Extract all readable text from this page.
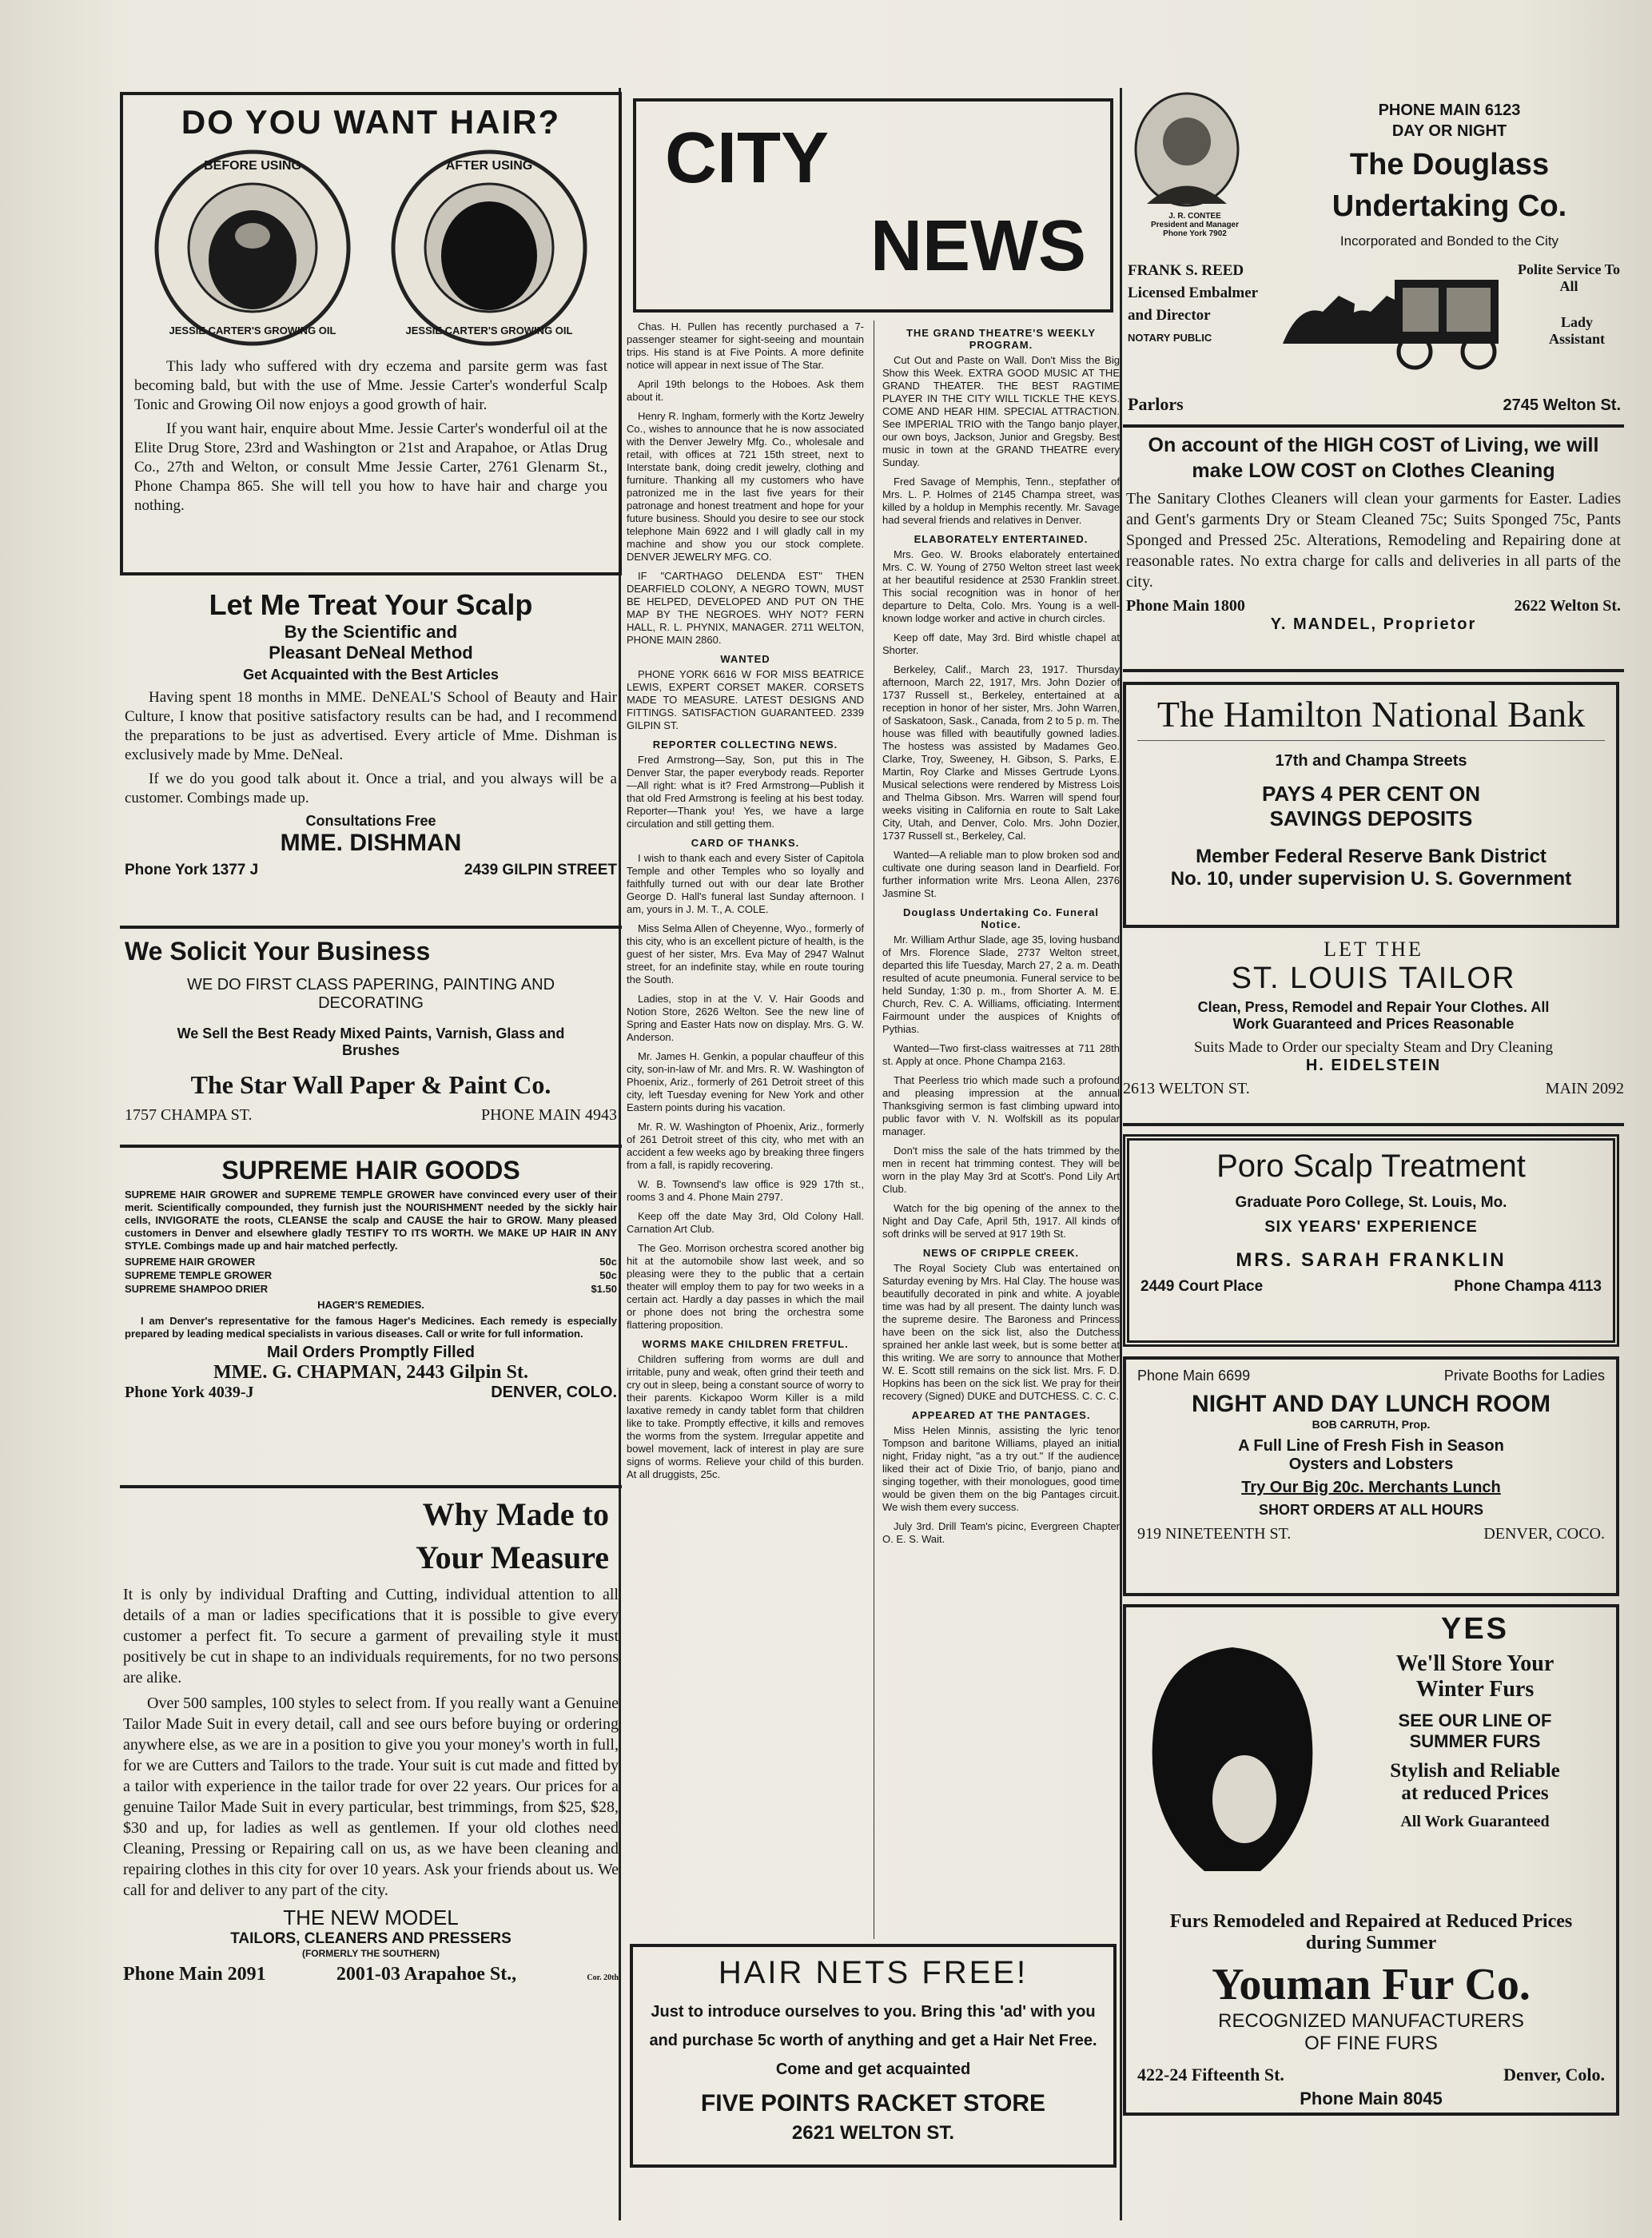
DO YOU WANT HAIR?
BEFORE USING
JESSIE CARTER'S GROWING OIL
AFTER USING
JESSIE CARTER'S GROWING OIL

This lady who suffered with dry eczema and parsite germ was fast becoming bald, but with the use of Mme. Jessie Carter's wonderful Scalp Tonic and Growing Oil now enjoys a good growth of hair.

If you want hair, enquire about Mme. Jessie Carter's wonderful oil at the Elite Drug Store, 23rd and Washington or 21st and Arapahoe, or Atlas Drug Co., 27th and Welton, or consult Mme Jessie Carter, 2761 Glenarm St., Phone Champa 865. She will tell you how to have hair and charge you nothing.

Let Me Treat Your Scalp
By the Scientific and
Pleasant DeNeal Method
Get Acquainted with the Best Articles

Having spent 18 months in MME. DeNEAL'S School of Beauty and Hair Culture, I know that positive satisfactory results can be had, and I recommend the preparations to be just as advertised. Every article of Mme. Dishman is exclusively made by Mme. DeNeal.

If we do you good talk about it. Once a trial, and you always will be a customer. Combings made up.

Consultations Free
MME. DISHMAN
Phone York 1377 J	2439 GILPIN STREET
We Solicit Your Business
WE DO FIRST CLASS PAPERING, PAINTING AND DECORATING
We Sell the Best Ready Mixed Paints, Varnish, Glass and Brushes
The Star Wall Paper & Paint Co.
1757 CHAMPA ST.	PHONE MAIN 4943
SUPREME HAIR GOODS

SUPREME HAIR GROWER and SUPREME TEMPLE GROWER have convinced every user of their merit. Scientifically compounded, they furnish just the NOURISHMENT needed by the sickly hair cells, INVIGORATE the roots, CLEANSE the scalp and CAUSE the hair to GROW. Many pleased customers in Denver and elsewhere gladly TESTIFY TO ITS WORTH. We MAKE UP HAIR IN ANY STYLE. Combings made up and hair matched perfectly.

SUPREME HAIR GROWER	50c
SUPREME TEMPLE GROWER	50c
SUPREME SHAMPOO DRIER	$1.50
HAGER'S REMEDIES.

I am Denver's representative for the famous Hager's Medicines. Each remedy is especially prepared by leading medical specialists in various diseases. Call or write for full information.

Mail Orders Promptly Filled
MME. G. CHAPMAN, 2443 Gilpin St.
Phone York 4039-J	DENVER, COLO.
Why Made to
Your Measure

It is only by individual Drafting and Cutting, individual attention to all details of a man or ladies specifications that it is possible to give every customer a perfect fit. To secure a garment of prevailing style it must positively be cut in shape to an individuals requirements, for no two persons are alike.

Over 500 samples, 100 styles to select from. If you really want a Genuine Tailor Made Suit in every detail, call and see ours before buying or ordering anywhere else, as we are in a position to give you your money's worth in full, for we are Cutters and Tailors to the trade. Your suit is cut made and fitted by a tailor with experience in the tailor trade for over 22 years. Our prices for a genuine Tailor Made Suit in every particular, best trimmings, from $25, $28, $30 and up, for ladies as well as gentlemen. If your old clothes need Cleaning, Pressing or Repairing call on us, as we have been cleaning and repairing clothes in this city for over 10 years. Ask your friends about us. We call for and deliver to any part of the city.

THE NEW MODEL
TAILORS, CLEANERS AND PRESSERS
(FORMERLY THE SOUTHERN)
Phone Main 2091	2001-03 Arapahoe St.,	Cor. 20th
CITY
NEWS

Chas. H. Pullen has recently purchased a 7-passenger steamer for sight-seeing and mountain trips. His stand is at Five Points. A more definite notice will appear in next issue of The Star.

April 19th belongs to the Hoboes. Ask them about it.

Henry R. Ingham, formerly with the Kortz Jewelry Co., wishes to announce that he is now associated with the Denver Jewelry Mfg. Co., wholesale and retail, with offices at 721 15th street, next to Interstate bank, doing credit jewelry, clothing and furniture. Thanking all my customers who have patronized me in the last five years for their patronage and honest treatment and hope for your future business. Should you desire to see our stock telephone Main 6922 and I will gladly call in my machine and show you our stock complete. DENVER JEWELRY MFG. CO.

IF "CARTHAGO DELENDA EST" THEN DEARFIELD COLONY, A NEGRO TOWN, MUST BE HELPED, DEVELOPED AND PUT ON THE MAP BY THE NEGROES. WHY NOT? FERN HALL, R. L. PHYNIX, MANAGER. 2711 WELTON, PHONE MAIN 2860.

WANTED

PHONE YORK 6616 W FOR MISS BEATRICE LEWIS, EXPERT CORSET MAKER. CORSETS MADE TO MEASURE. LATEST DESIGNS AND FITTINGS. SATISFACTION GUARANTEED. 2339 GILPIN ST.

REPORTER COLLECTING NEWS.

Fred Armstrong—Say, Son, put this in The Denver Star, the paper everybody reads. Reporter—All right: what is it? Fred Armstrong—Publish it that old Fred Armstrong is feeling at his best today. Reporter—Thank you! Yes, we have a large circulation and still getting them.

CARD OF THANKS.

I wish to thank each and every Sister of Capitola Temple and other Temples who so loyally and faithfully turned out with our dear late Brother George D. Hall's funeral last Sunday afternoon. I am, yours in J. M. T., A. COLE.

Miss Selma Allen of Cheyenne, Wyo., formerly of this city, who is an excellent picture of health, is the guest of her sister, Mrs. Eva May of 2947 Walnut street, for an indefinite stay, while en route touring the South.

Ladies, stop in at the V. V. Hair Goods and Notion Store, 2626 Welton. See the new line of Spring and Easter Hats now on display. Mrs. G. W. Anderson.

Mr. James H. Genkin, a popular chauffeur of this city, son-in-law of Mr. and Mrs. R. W. Washington of Phoenix, Ariz., formerly of 261 Detroit street of this city, left Tuesday evening for New York and other Eastern points during his vacation.

Mr. R. W. Washington of Phoenix, Ariz., formerly of 261 Detroit street of this city, who met with an accident a few weeks ago by breaking three fingers from a fall, is rapidly recovering.

W. B. Townsend's law office is 929 17th st., rooms 3 and 4. Phone Main 2797.

Keep off the date May 3rd, Old Colony Hall. Carnation Art Club.

The Geo. Morrison orchestra scored another big hit at the automobile show last week, and so pleasing were they to the public that a certain theater will employ them to pay for two weeks in a certain act. Hardly a day passes in which the mail or phone does not bring the orchestra some flattering proposition.

WORMS MAKE CHILDREN FRETFUL.

Children suffering from worms are dull and irritable, puny and weak, often grind their teeth and cry out in sleep, being a constant source of worry to their parents. Kickapoo Worm Killer is a mild laxative remedy in candy tablet form that children like to take. Promptly effective, it kills and removes the worms from the system. Irregular appetite and bowel movement, lack of interest in play are sure signs of worms. Relieve your child of this burden. At all druggists, 25c.

THE GRAND THEATRE'S WEEKLY PROGRAM.

Cut Out and Paste on Wall. Don't Miss the Big Show this Week. EXTRA GOOD MUSIC AT THE GRAND THEATER. THE BEST RAGTIME PLAYER IN THE CITY WILL TICKLE THE KEYS. COME AND HEAR HIM. SPECIAL ATTRACTION. See IMPERIAL TRIO with the Tango banjo player, our own boys, Jackson, Junior and Gregsby. Best music in town at the GRAND THEATRE every Sunday.

Fred Savage of Memphis, Tenn., stepfather of Mrs. L. P. Holmes of 2145 Champa street, was killed by a holdup in Memphis recently. Mr. Savage had several friends and relatives in Denver.

ELABORATELY ENTERTAINED.

Mrs. Geo. W. Brooks elaborately entertained Mrs. C. W. Young of 2750 Welton street last week at her beautiful residence at 2530 Franklin street. This social recognition was in honor of her departure to Delta, Colo. Mrs. Young is a well-known lodge worker and active in church circles.

Keep off date, May 3rd. Bird whistle chapel at Shorter.

Berkeley, Calif., March 23, 1917. Thursday afternoon, March 22, 1917, Mrs. John Dozier of 1737 Russell st., Berkeley, entertained at a reception in honor of her sister, Mrs. John Warren, of Saskatoon, Sask., Canada, from 2 to 5 p. m. The house was filled with beautifully gowned ladies. The hostess was assisted by Madames Geo. Clarke, Troy, Sweeney, H. Gibson, S. Parks, E. Martin, Roy Clarke and Misses Gertrude Lyons. Musical selections were rendered by Mistress Lois and Thelma Gibson. Mrs. Warren will spend four weeks visiting in California en route to Salt Lake City, Utah, and Denver, Colo. Mrs. John Dozier, 1737 Russell st., Berkeley, Cal.

Wanted—A reliable man to plow broken sod and cultivate one during season land in Dearfield. For further information write Mrs. Leona Allen, 2376 Jasmine St.

Douglass Undertaking Co. Funeral Notice.

Mr. William Arthur Slade, age 35, loving husband of Mrs. Florence Slade, 2737 Welton street, departed this life Tuesday, March 27, 2 a. m. Death resulted of acute pneumonia. Funeral service to be held Sunday, 1:30 p. m., from Shorter A. M. E. Church, Rev. C. A. Williams, officiating. Interment Fairmount under the auspices of Knights of Pythias.

Wanted—Two first-class waitresses at 711 28th st. Apply at once. Phone Champa 2163.

That Peerless trio which made such a profound and pleasing impression at the annual Thanksgiving sermon is fast climbing upward into public favor with V. N. Wolfskill as its popular manager.

Don't miss the sale of the hats trimmed by the men in recent hat trimming contest. They will be worn in the play May 3rd at Scott's. Pond Lily Art Club.

Watch for the big opening of the annex to the Night and Day Cafe, April 5th, 1917. All kinds of soft drinks will be served at 917 19th St.

NEWS OF CRIPPLE CREEK.

The Royal Society Club was entertained on Saturday evening by Mrs. Hal Clay. The house was beautifully decorated in pink and white. A joyable time was had by all present. The dainty lunch was the supreme desire. The Baroness and Princess have been on the sick list, also the Dutchess sprained her ankle last week, but is some better at this writing. We are sorry to announce that Mother W. E. Scott still remains on the sick list. Mrs. F. D. Hopkins has been on the sick list. We pray for their recovery (Signed) DUKE and DUTCHESS. C. C. C.

APPEARED AT THE PANTAGES.

Miss Helen Minnis, assisting the lyric tenor Tompson and baritone Williams, played an initial night, Friday night, "as a try out." If the audience liked their act of Dixie Trio, of banjo, piano and singing together, with their monologues, good time would be given them on the big Pantages circuit. We wish them every success.

July 3rd. Drill Team's picinc, Evergreen Chapter O. E. S. Wait.

HAIR NETS FREE!

Just to introduce ourselves to you. Bring this 'ad' with you and purchase 5c worth of anything and get a Hair Net Free. Come and get acquainted

FIVE POINTS RACKET STORE
2621 WELTON ST.
J. R. CONTEE
President and Manager
Phone York 7902
PHONE MAIN 6123
DAY OR NIGHT
The Douglass
Undertaking Co.
Incorporated and Bonded to the City
FRANK S. REED
Licensed Embalmer
and Director
NOTARY PUBLIC
Polite Service To All
Lady Assistant
Parlors	2745 Welton St.
On account of the HIGH COST of Living, we will make LOW COST on Clothes Cleaning

The Sanitary Clothes Cleaners will clean your garments for Easter. Ladies and Gent's garments Dry or Steam Cleaned 75c; Suits Sponged 75c, Pants Sponged and Pressed 25c. Alterations, Remodeling and Repairing done at reasonable rates. No extra charge for calls and deliveries in all parts of the city.

Phone Main 1800	2622 Welton St.
Y. MANDEL, Proprietor
The Hamilton National Bank
17th and Champa Streets
PAYS 4 PER CENT ON
SAVINGS DEPOSITS
Member Federal Reserve Bank District
No. 10, under supervision U. S. Government
LET THE
ST. LOUIS TAILOR
Clean, Press, Remodel and Repair Your Clothes. All
Work Guaranteed and Prices Reasonable
Suits Made to Order our specialty Steam and Dry Cleaning
H. EIDELSTEIN
2613 WELTON ST.	MAIN 2092
Poro Scalp Treatment
Graduate Poro College, St. Louis, Mo.
SIX YEARS' EXPERIENCE
MRS. SARAH FRANKLIN
2449 Court Place	Phone Champa 4113
Phone Main 6699	Private Booths for Ladies
NIGHT AND DAY LUNCH ROOM
BOB CARRUTH, Prop.
A Full Line of Fresh Fish in Season
Oysters and Lobsters
Try Our Big 20c. Merchants Lunch
SHORT ORDERS AT ALL HOURS
919 NINETEENTH ST.	DENVER, COCO.
YES
We'll Store Your
Winter Furs
SEE OUR LINE OF
SUMMER FURS
Stylish and Reliable
at reduced Prices
All Work Guaranteed
Furs Remodeled and Repaired at Reduced Prices during Summer
Youman Fur Co.
RECOGNIZED MANUFACTURERS
OF FINE FURS
422-24 Fifteenth St.	Denver, Colo.
Phone Main 8045
